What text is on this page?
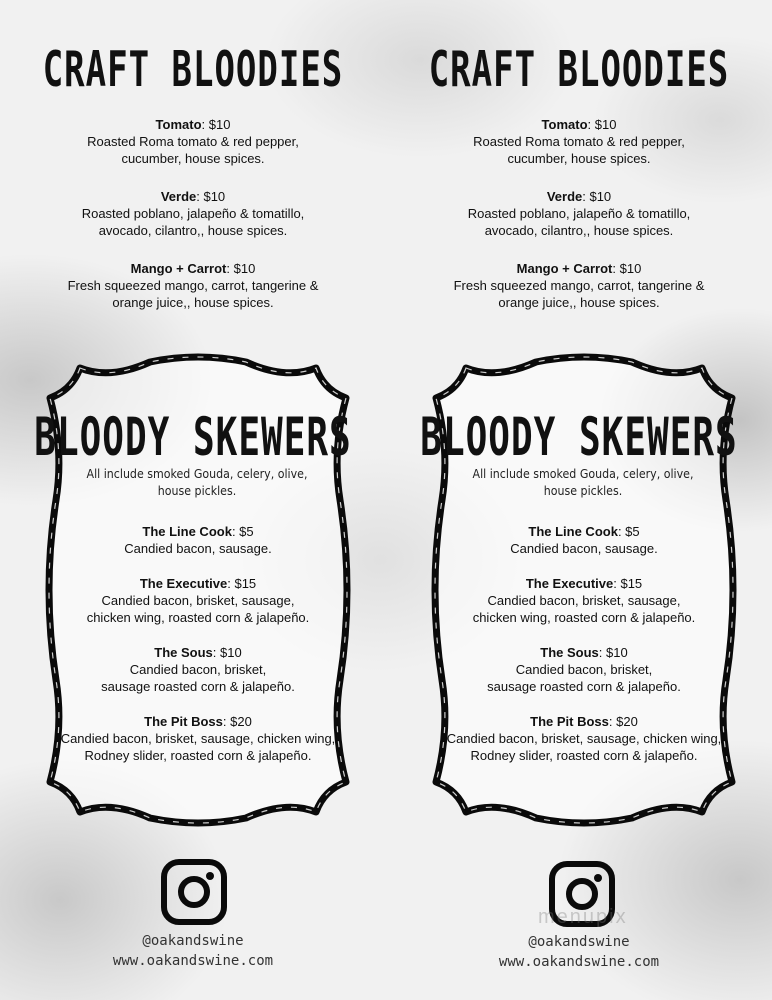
CRAFT BLOODIES
Tomato: $10
Roasted Roma tomato & red pepper,
cucumber, house spices.
Verde: $10
Roasted poblano, jalapeño & tomatillo,
avocado, cilantro,, house spices.
Mango + Carrot: $10
Fresh squeezed mango, carrot, tangerine &
orange juice,, house spices.
BLOODY SKEWERS
All include smoked Gouda, celery, olive,
house pickles.
The Line Cook: $5
Candied bacon, sausage.
The Executive: $15
Candied bacon, brisket, sausage,
chicken wing, roasted corn & jalapeño.
The Sous: $10
Candied bacon, brisket,
sausage roasted corn & jalapeño.
The Pit Boss: $20
Candied bacon, brisket, sausage, chicken wing,
Rodney slider, roasted corn & jalapeño.
@oakandswine
www.oakandswine.com
CRAFT BLOODIES
Tomato: $10
Roasted Roma tomato & red pepper,
cucumber, house spices.
Verde: $10
Roasted poblano, jalapeño & tomatillo,
avocado, cilantro,, house spices.
Mango + Carrot: $10
Fresh squeezed mango, carrot, tangerine &
orange juice,, house spices.
BLOODY SKEWERS
All include smoked Gouda, celery, olive,
house pickles.
The Line Cook: $5
Candied bacon, sausage.
The Executive: $15
Candied bacon, brisket, sausage,
chicken wing, roasted corn & jalapeño.
The Sous: $10
Candied bacon, brisket,
sausage roasted corn & jalapeño.
The Pit Boss: $20
Candied bacon, brisket, sausage, chicken wing,
Rodney slider, roasted corn & jalapeño.
@oakandswine
www.oakandswine.com
menupix
